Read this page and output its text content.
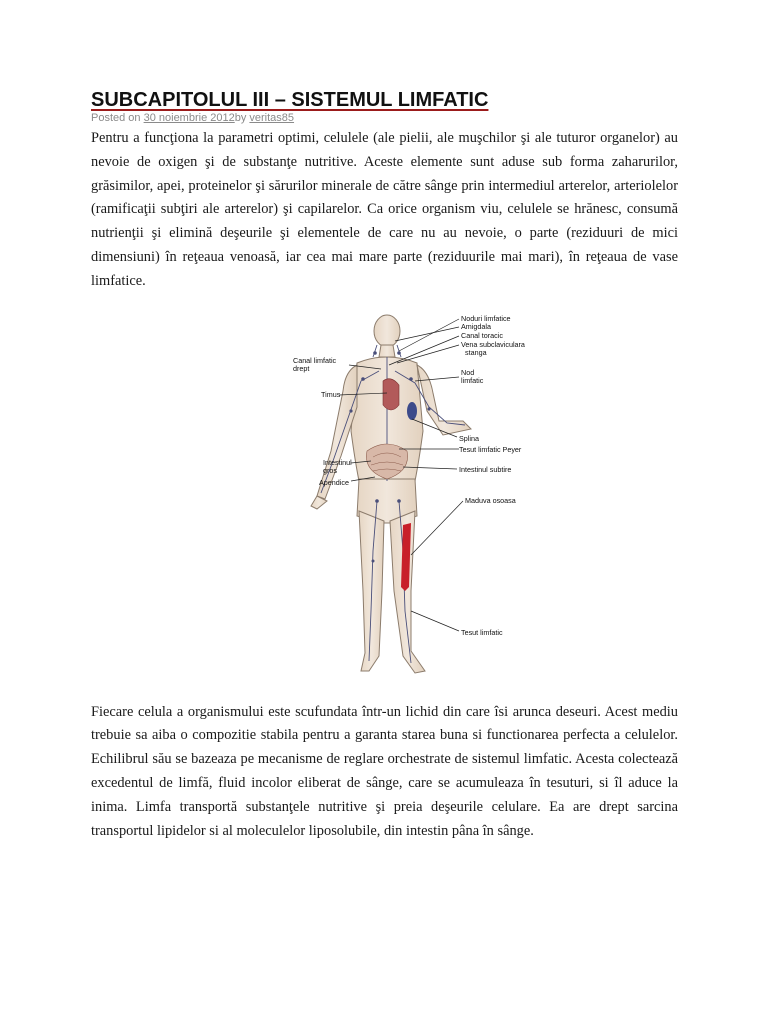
SUBCAPITOLUL III – SISTEMUL LIMFATIC
Posted on 30 noiembrie 2012by veritas85

Pentru a funcţiona la parametri optimi, celulele (ale pielii, ale muşchilor şi ale tuturor organelor) au nevoie de oxigen şi de substanţe nutritive. Aceste elemente sunt aduse sub forma zaharurilor, grăsimilor, apei, proteinelor şi sărurilor minerale de către sânge prin intermediul arterelor, arteriolelor (ramificaţii subţiri ale arterelor) şi capilarelor. Ca orice organism viu, celulele se hrănesc, consumă nutrienţii şi elimină deşeurile şi elementele de care nu au nevoie, o parte (reziduuri de mici dimensiuni) în reţeaua venoasă, iar cea mai mare parte (reziduurile mai mari), în reţeaua de vase limfatice.

Noduri limfatice
Amigdala
Canal toracic
Vena subclaviculara
stanga
Canal limfatic
drept	Nod
limfatic
Timus
Splina
Tesut limfatic Peyer
Intestinul subtire
Intestinul
gros
Apendice
Maduva osoasa
Tesut limfatic

Fiecare celula a organismului este scufundata într-un lichid din care îsi arunca deseuri. Acest mediu trebuie sa aiba o compozitie stabila pentru a garanta starea buna si functionarea perfecta a celulelor. Echilibrul său se bazeaza pe mecanisme de reglare orchestrate de sistemul limfatic. Acesta colectează excedentul de limfă, fluid incolor eliberat de sânge, care se acumuleaza în tesuturi, si îl aduce la inima. Limfa transportă substanţele nutritive şi preia deşeurile celulare. Ea are drept sarcina transportul lipidelor si al moleculelor liposolubile, din intestin pâna în sânge.
